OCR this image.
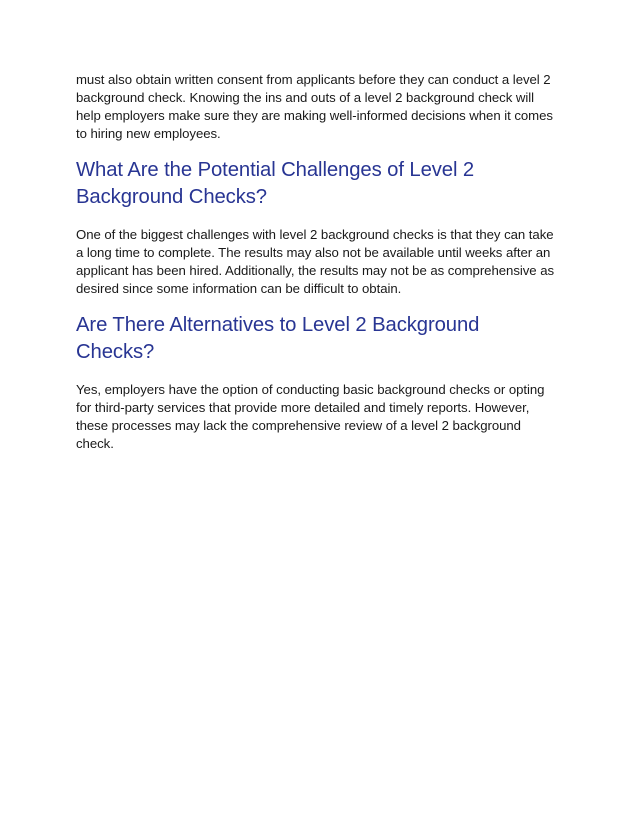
must also obtain written consent from applicants before they can conduct a level 2 background check. Knowing the ins and outs of a level 2 background check will help employers make sure they are making well-informed decisions when it comes to hiring new employees.

What Are the Potential Challenges of Level 2 Background Checks?

One of the biggest challenges with level 2 background checks is that they can take a long time to complete. The results may also not be available until weeks after an applicant has been hired. Additionally, the results may not be as comprehensive as desired since some information can be difficult to obtain.

Are There Alternatives to Level 2 Background Checks?

Yes, employers have the option of conducting basic background checks or opting for third-party services that provide more detailed and timely reports. However, these processes may lack the comprehensive review of a level 2 background check.
